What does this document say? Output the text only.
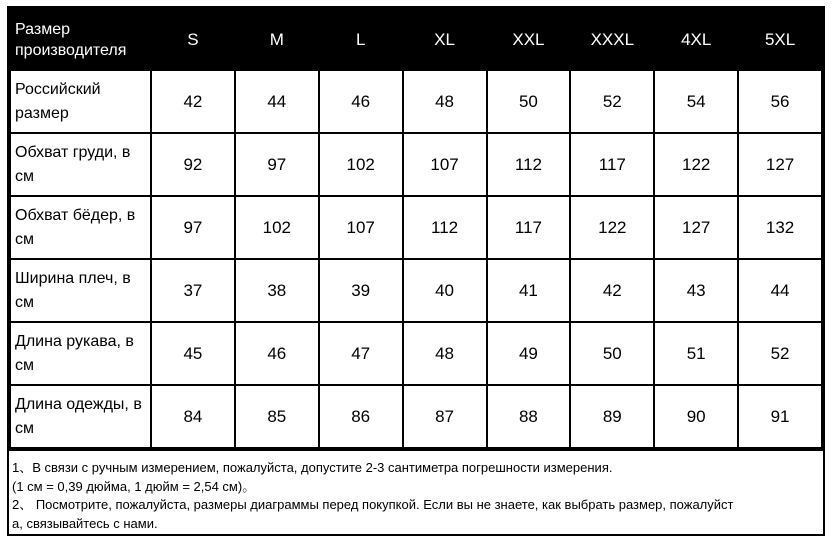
Размер производителя	S	M	L	XL	XXL	XXXL	4XL	5XL
Российский размер	42	44	46	48	50	52	54	56
Обхват груди, в см	92	97	102	107	112	117	122	127
Обхват бёдер, в см	97	102	107	112	117	122	127	132
Ширина плеч, в см	37	38	39	40	41	42	43	44
Длина рукава, в см	45	46	47	48	49	50	51	52
Длина одежды, в см	84	85	86	87	88	89	90	91

1、В связи с ручным измерением, пожалуйста, допустите 2-3 сантиметра погрешности измерения.

(1 см = 0,39 дюйма, 1 дюйм = 2,54 см)。

2、 Посмотрите, пожалуйста, размеры диаграммы перед покупкой. Если вы не знаете, как выбрать размер, пожалуйст

а, связывайтесь с нами.
